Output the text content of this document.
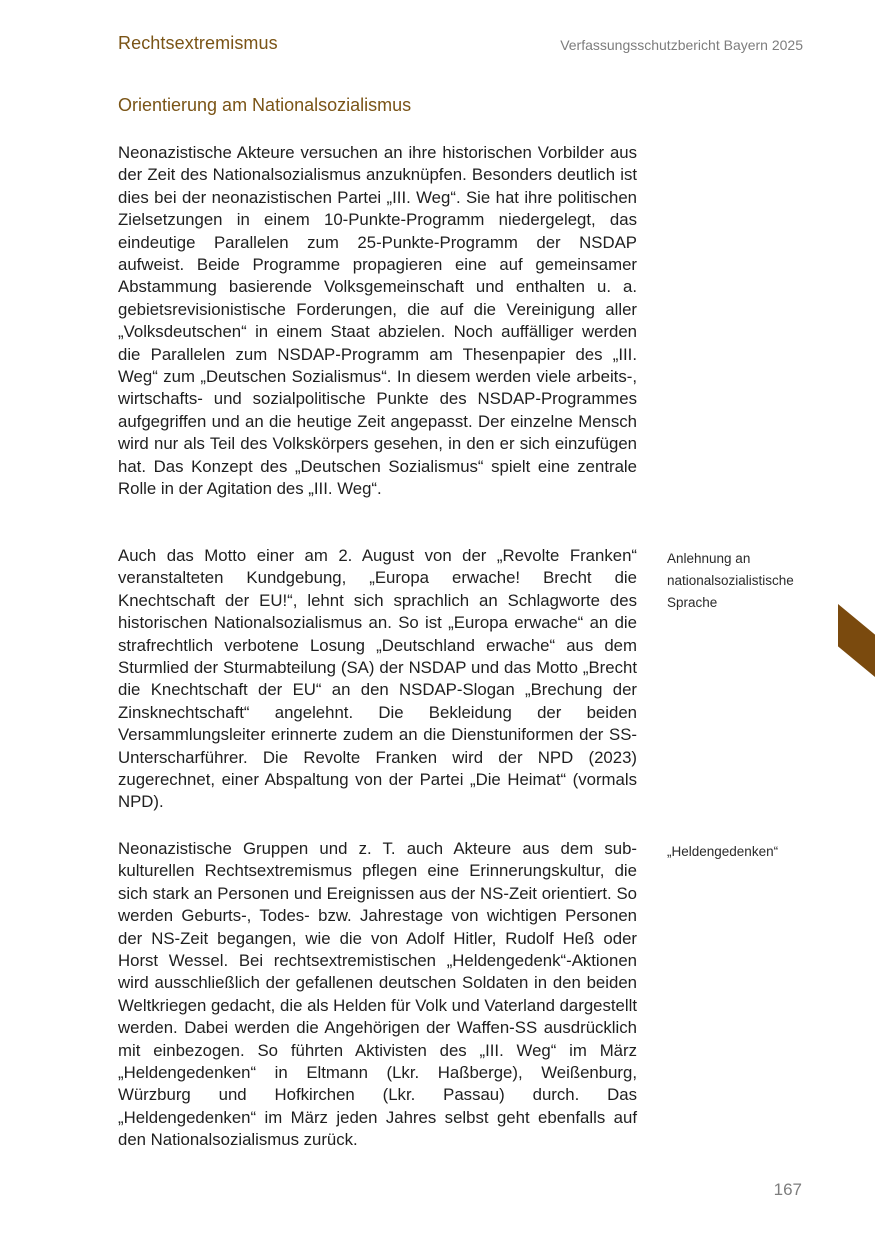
Rechtsextremismus	Verfassungsschutzbericht Bayern 2025
Orientierung am Nationalsozialismus

Neonazistische Akteure versuchen an ihre historischen Vorbilder aus der Zeit des Nationalsozialismus anzuknüpfen. Besonders deutlich ist dies bei der neonazistischen Partei „III. Weg“. Sie hat ihre politischen Zielsetzungen in einem 10-Punkte-Programm niedergelegt, das eindeutige Parallelen zum 25-Punkte-Programm der NSDAP aufweist. Beide Programme propagieren eine auf gemeinsamer Abstammung basierende Volksgemeinschaft und enthalten u. a. gebietsrevisionistische Forderungen, die auf die Vereinigung aller „Volksdeutschen“ in einem Staat abzielen. Noch auffälliger werden die Parallelen zum NSDAP-Programm am Thesenpapier des „III. Weg“ zum „Deutschen Sozialismus“. In diesem werden viele arbeits-, wirtschafts- und sozialpolitische Punkte des NSDAP-Programmes aufgegriffen und an die heutige Zeit angepasst. Der einzelne Mensch wird nur als Teil des Volkskörpers gesehen, in den er sich einzufügen hat. Das Konzept des „Deutschen Sozialismus“ spielt eine zentrale Rolle in der Agitation des „III. Weg“.

Auch das Motto einer am 2. August von der „Revolte Franken“ veranstalteten Kundgebung, „Europa erwache! Brecht die Knechtschaft der EU!“, lehnt sich sprachlich an Schlagworte des historischen Nationalsozialismus an. So ist „Europa erwache“ an die strafrechtlich verbotene Losung „Deutschland erwache“ aus dem Sturmlied der Sturmabteilung (SA) der NSDAP und das Motto „Brecht die Knechtschaft der EU“ an den NSDAP-Slogan „Brechung der Zinsknechtschaft“ angelehnt. Die Bekleidung der beiden Versammlungsleiter erinnerte zudem an die Dienstuniformen der SS-Unterscharführer. Die Revolte Franken wird der NPD (2023) zugerechnet, einer Abspaltung von der Partei „Die Heimat“ (vormals NPD).

Neonazistische Gruppen und z. T. auch Akteure aus dem subkulturellen Rechtsextremismus pflegen eine Erinnerungskultur, die sich stark an Personen und Ereignissen aus der NS-Zeit orientiert. So werden Geburts-, Todes- bzw. Jahrestage von wichtigen Personen der NS-Zeit begangen, wie die von Adolf Hitler, Rudolf Heß oder Horst Wessel. Bei rechtsextremistischen „Heldengedenk“-Aktionen wird ausschließlich der gefallenen deutschen Soldaten in den beiden Weltkriegen gedacht, die als Helden für Volk und Vaterland dargestellt werden. Dabei werden die Angehörigen der Waffen-SS ausdrücklich mit einbezogen. So führten Aktivisten des „III. Weg“ im März „Heldengedenken“ in Eltmann (Lkr. Haßberge), Weißenburg, Würzburg und Hofkirchen (Lkr. Passau) durch. Das „Heldengedenken“ im März jeden Jahres selbst geht ebenfalls auf den Nationalsozialismus zurück.

Anlehnung an
nationalsozialistische
Sprache
„Heldengedenken“
167
